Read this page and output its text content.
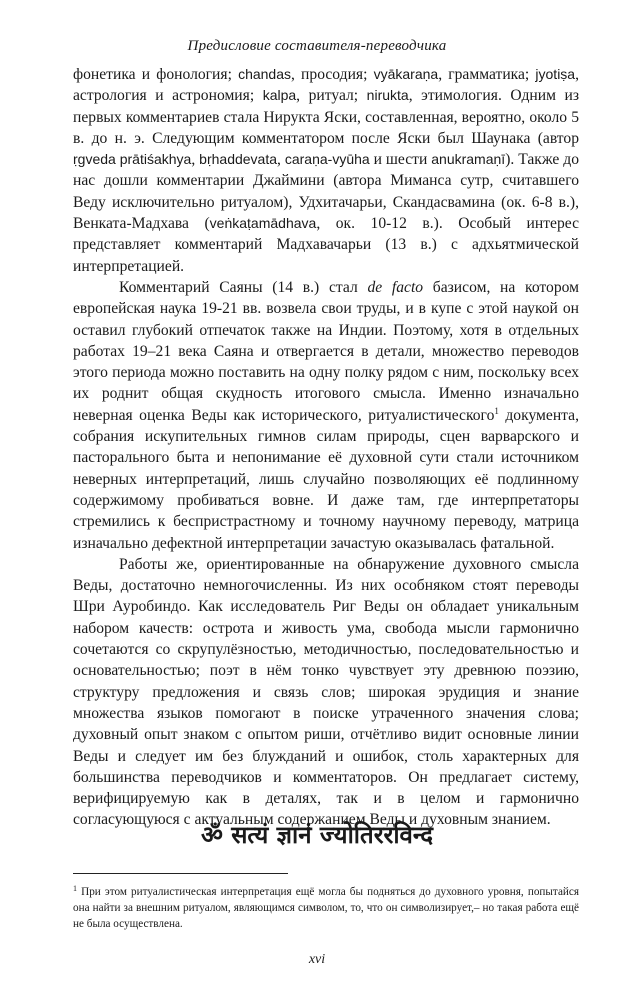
Предисловие составителя-переводчика

фонетика и фонология; chandas, просодия; vyākaraṇa, грамматика; jyotiṣa, астрология и астрономия; kalpa, ритуал; nirukta, этимология. Одним из первых комментариев стала Нирукта Яски, составленная, вероятно, около 5 в. до н. э. Следующим комментатором после Яски был Шаунака (автор ṛgveda prātiśakhya, bṛhaddevata, caraṇa-vyūha и шести anukramaṇī). Также до нас дошли комментарии Джаймини (автора Миманса сутр, считавшего Веду исключительно ритуалом), Удхитачарьи, Скандасвамина (ок. 6-8 в.), Венката-Мадхава (veṅkaṭamādhava, ок. 10-12 в.). Особый интерес представляет комментарий Мадхавачарьи (13 в.) с адхьятмической интерпретацией.

Комментарий Саяны (14 в.) стал de facto базисом, на котором европейская наука 19-21 вв. возвела свои труды, и в купе с этой наукой он оставил глубокий отпечаток также на Индии. Поэтому, хотя в отдельных работах 19–21 века Саяна и отвергается в детали, множество переводов этого периода можно поставить на одну полку рядом с ним, поскольку всех их роднит общая скудность итогового смысла. Именно изначально неверная оценка Веды как исторического, ритуалистического$^1$ документа, собрания искупительных гимнов силам природы, сцен варварского и пасторального быта и непонимание её духовной сути стали источником неверных интерпретаций, лишь случайно позволяющих её подлинному содержимому пробиваться вовне. И даже там, где интерпретаторы стремились к беспристрастному и точному научному переводу, матрица изначально дефектной интерпретации зачастую оказывалась фатальной.

Работы же, ориентированные на обнаружение духовного смысла Веды, достаточно немногочисленны. Из них особняком стоят переводы Шри Ауробиндо. Как исследователь Риг Веды он обладает уникальным набором качеств: острота и живость ума, свобода мысли гармонично сочетаются со скрупулёзностью, методичностью, последовательностью и основательностью; поэт в нём тонко чувствует эту древнюю поэзию, структуру предложения и связь слов; широкая эрудиция и знание множества языков помогают в поиске утраченного значения слова; духовный опыт знаком с опытом риши, отчётливо видит основные линии Веды и следует им без блужданий и ошибок, столь характерных для большинства переводчиков и комментаторов. Он предлагает систему, верифицируемую как в деталях, так и в целом и гармонично согласующуюся с актуальным содержанием Веды и духовным знанием.

ॐ सत्यं ज्ञानं ज्योतिररविन्द
$^1$ При этом ритуалистическая интерпретация ещё могла бы подняться до духовного уровня, попытайся она найти за внешним ритуалом, являющимся символом, то, что он символизирует,– но такая работа ещё не была осуществлена.
xvi
